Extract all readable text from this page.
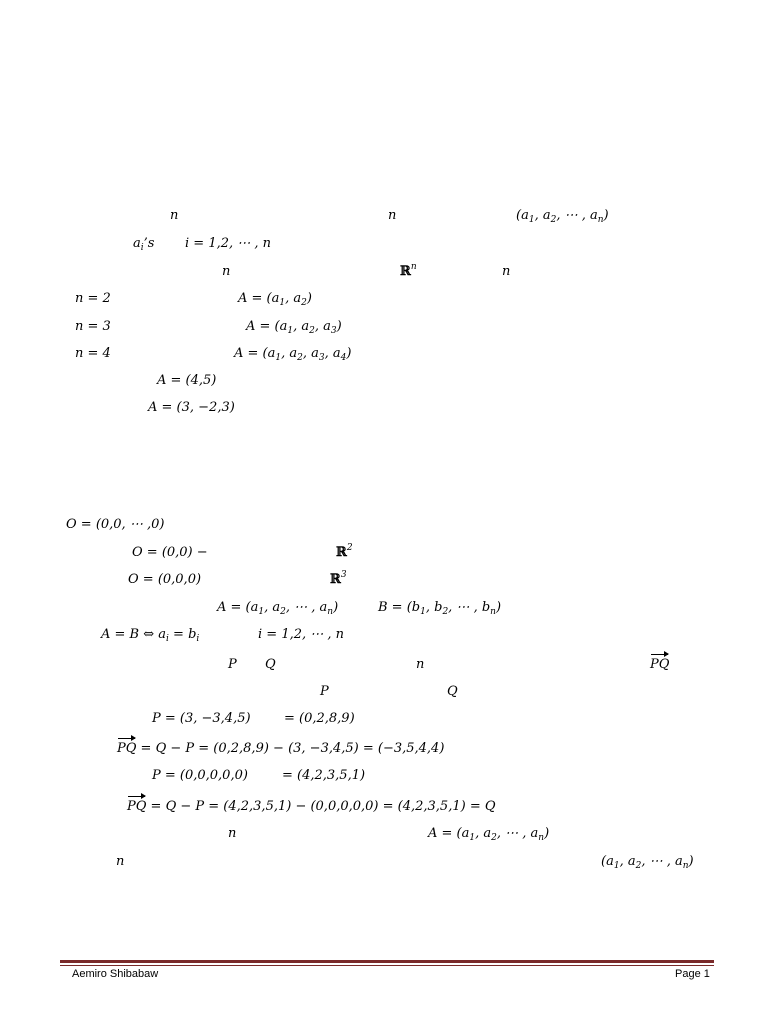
n	n	($a_1$, $a_2$, ⋯ , $a_n$)
$a_i’s$ i = 1,2, ⋯ , n
n	ℝ$^n$	n
n = 2	$A = (a_1$, $a_2$)
n = 3	$A = (a_1$, $a_2$, $a_3$)
n = 4	$A = (a_1$, $a_2$, $a_3$, $a_4$)
A = (4,5)
A = (3, −2,3)
O = (0,0, ⋯ ,0)
O = (0,0) −	ℝ$^2$
O = (0,0,0)	ℝ$^3$
$A = (a_1$, $a_2$, ⋯ , $a_n$)	$B = (b_1$, $b_2$, ⋯ , $b_n$)
A = B ⇔ $a_i = b_i$	i = 1,2, ⋯ , n
P Q	n	PQ
P	Q
P = (3, −3,4,5)	= (0,2,8,9)
PQ = Q − P = (0,2,8,9) − (3, −3,4,5) = (−3,5,4,4)
P = (0,0,0,0,0)	= (4,2,3,5,1)
PQ = Q − P = (4,2,3,5,1) − (0,0,0,0,0) = (4,2,3,5,1) = Q
n	$A = (a_1$, $a_2$, ⋯ , $a_n$)
n	($a_1$, $a_2$, ⋯ , $a_n$)
Aemiro Shibabaw	Page 1
